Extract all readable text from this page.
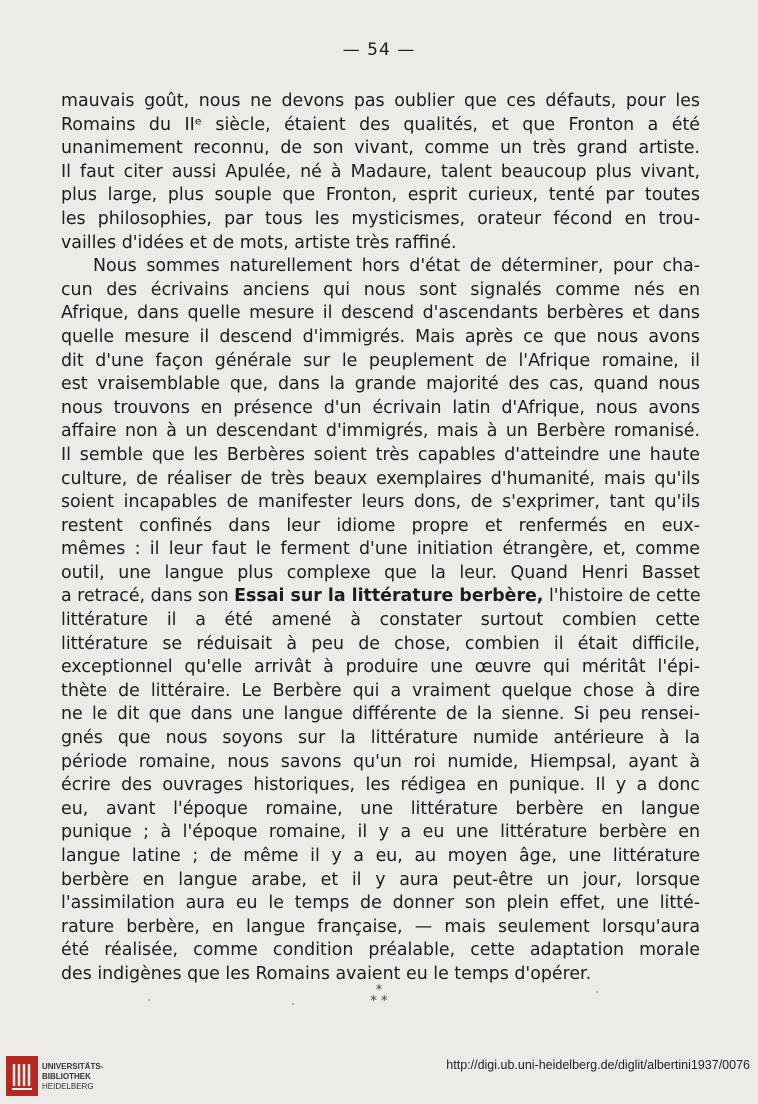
— 54 —
mauvais goût, nous ne devons pas oublier que ces défauts, pour les
Romains du IIᵉ siècle, étaient des qualités, et que Fronton a été
unanimement reconnu, de son vivant, comme un très grand artiste.
Il faut citer aussi Apulée, né à Madaure, talent beaucoup plus vivant,
plus large, plus souple que Fronton, esprit curieux, tenté par toutes
les philosophies, par tous les mysticismes, orateur fécond en trou-
vailles d'idées et de mots, artiste très raffiné.
Nous sommes naturellement hors d'état de déterminer, pour cha-
cun des écrivains anciens qui nous sont signalés comme nés en
Afrique, dans quelle mesure il descend d'ascendants berbères et dans
quelle mesure il descend d'immigrés. Mais après ce que nous avons
dit d'une façon générale sur le peuplement de l'Afrique romaine, il
est vraisemblable que, dans la grande majorité des cas, quand nous
nous trouvons en présence d'un écrivain latin d'Afrique, nous avons
affaire non à un descendant d'immigrés, mais à un Berbère romanisé.
Il semble que les Berbères soient très capables d'atteindre une haute
culture, de réaliser de très beaux exemplaires d'humanité, mais qu'ils
soient incapables de manifester leurs dons, de s'exprimer, tant qu'ils
restent confinés dans leur idiome propre et renfermés en eux-
mêmes : il leur faut le ferment d'une initiation étrangère, et, comme
outil, une langue plus complexe que la leur. Quand Henri Basset
a retracé, dans son Essai sur la littérature berbère, l'histoire de cette
littérature il a été amené à constater surtout combien cette
littérature se réduisait à peu de chose, combien il était difficile,
exceptionnel qu'elle arrivât à produire une œuvre qui méritât l'épi-
thète de littéraire. Le Berbère qui a vraiment quelque chose à dire
ne le dit que dans une langue différente de la sienne. Si peu rensei-
gnés que nous soyons sur la littérature numide antérieure à la
période romaine, nous savons qu'un roi numide, Hiempsal, ayant à
écrire des ouvrages historiques, les rédigea en punique. Il y a donc
eu, avant l'époque romaine, une littérature berbère en langue
punique ; à l'époque romaine, il y a eu une littérature berbère en
langue latine ; de même il y a eu, au moyen âge, une littérature
berbère en langue arabe, et il y aura peut-être un jour, lorsque
l'assimilation aura eu le temps de donner son plein effet, une litté-
rature berbère, en langue française, — mais seulement lorsqu'aura
été réalisée, comme condition préalable, cette adaptation morale
des indigènes que les Romains avaient eu le temps d'opérer.
*
* *
UNIVERSITÄTS-
BIBLIOTHEK
HEIDELBERG
http://digi.ub.uni-heidelberg.de/diglit/albertini1937/0076
